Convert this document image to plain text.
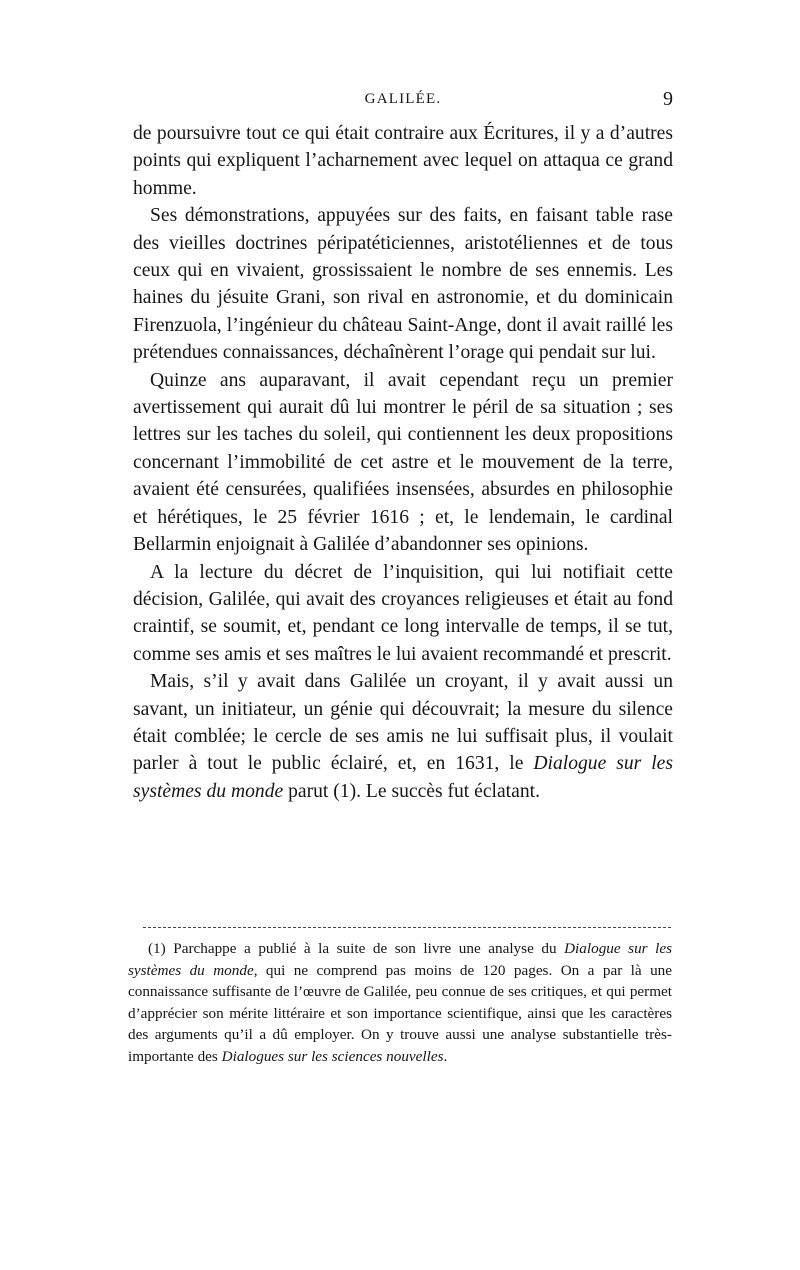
GALILÉE.	9

de poursuivre tout ce qui était contraire aux Écritures, il y a d’autres points qui expliquent l’acharnement avec lequel on attaqua ce grand homme.

Ses démonstrations, appuyées sur des faits, en faisant table rase des vieilles doctrines péripatéticiennes, aristotéliennes et de tous ceux qui en vivaient, grossissaient le nombre de ses ennemis. Les haines du jésuite Grani, son rival en astronomie, et du dominicain Firenzuola, l’ingénieur du château Saint-Ange, dont il avait raillé les prétendues connaissances, déchaînèrent l’orage qui pendait sur lui.

Quinze ans auparavant, il avait cependant reçu un premier avertissement qui aurait dû lui montrer le péril de sa situation ; ses lettres sur les taches du soleil, qui contiennent les deux propositions concernant l’immobilité de cet astre et le mouvement de la terre, avaient été censurées, qualifiées insensées, absurdes en philosophie et hérétiques, le 25 février 1616 ; et, le lendemain, le cardinal Bellarmin enjoignait à Galilée d’abandonner ses opinions.

A la lecture du décret de l’inquisition, qui lui notifiait cette décision, Galilée, qui avait des croyances religieuses et était au fond craintif, se soumit, et, pendant ce long intervalle de temps, il se tut, comme ses amis et ses maîtres le lui avaient recommandé et prescrit.

Mais, s’il y avait dans Galilée un croyant, il y avait aussi un savant, un initiateur, un génie qui découvrait; la mesure du silence était comblée; le cercle de ses amis ne lui suffisait plus, il voulait parler à tout le public éclairé, et, en 1631, le Dialogue sur les systèmes du monde parut (1). Le succès fut éclatant.

(1) Parchappe a publié à la suite de son livre une analyse du Dialogue sur les systèmes du monde, qui ne comprend pas moins de 120 pages. On a par là une connaissance suffisante de l’œuvre de Galilée, peu connue de ses critiques, et qui permet d’apprécier son mérite littéraire et son importance scientifique, ainsi que les caractères des arguments qu’il a dû employer. On y trouve aussi une analyse substantielle très-importante des Dialogues sur les sciences nouvelles.
